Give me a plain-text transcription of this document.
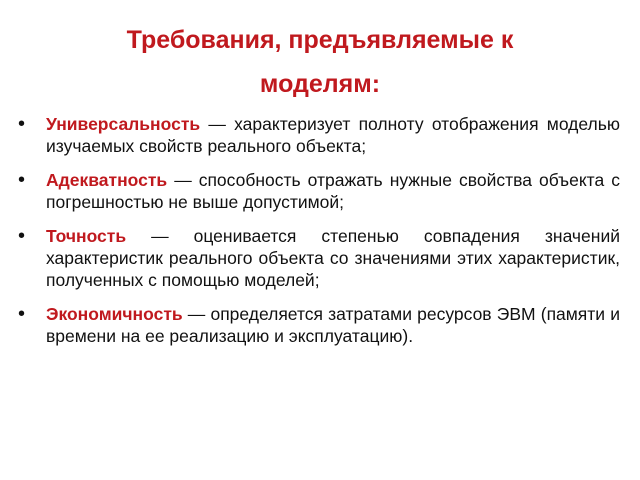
Требования, предъявляемые к
моделям:
• Универсальность — характеризует полноту отображения моделью изучаемых свойств реального объекта;
• Адекватность — способность отражать нужные свойства объекта с погрешностью не выше допустимой;
• Точность — оценивается степенью совпадения значений характеристик реального объекта со значениями этих характеристик, полученных с помощью моделей;
• Экономичность — определяется затратами ресурсов ЭВМ (памяти и времени на ее реализацию и эксплуатацию).
